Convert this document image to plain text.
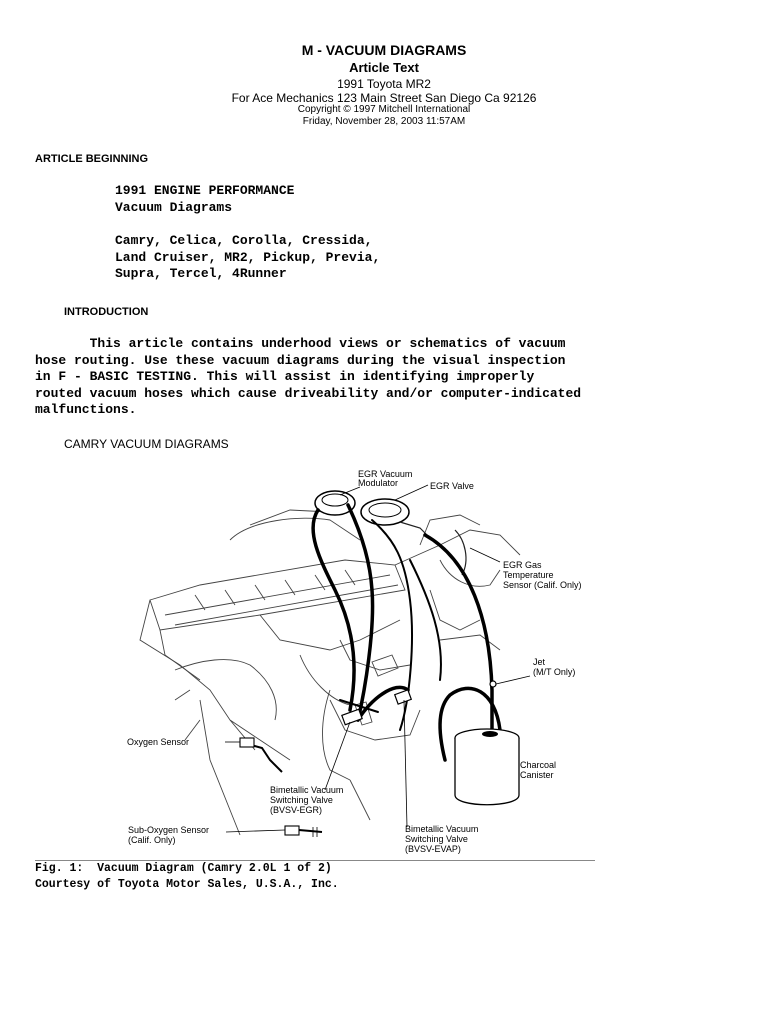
M - VACUUM DIAGRAMS
Article Text
1991 Toyota MR2
For Ace Mechanics 123 Main Street San Diego Ca 92126
Copyright © 1997 Mitchell International
Friday, November 28, 2003 11:57AM
ARTICLE BEGINNING
1991 ENGINE PERFORMANCE
Vacuum Diagrams
Camry, Celica, Corolla, Cressida,
Land Cruiser, MR2, Pickup, Previa,
Supra, Tercel, 4Runner
INTRODUCTION
This article contains underhood views or schematics of vacuum
hose routing. Use these vacuum diagrams during the visual inspection
in F - BASIC TESTING. This will assist in identifying improperly
routed vacuum hoses which cause driveability and/or computer-indicated
malfunctions.
CAMRY VACUUM DIAGRAMS
EGR Vacuum
Modulator	EGR Valve
EGR Gas
Temperature
Sensor (Calif. Only)
Jet
(M/T Only)
Oxygen Sensor
Charcoal
Canister
Bimetallic Vacuum
Switching Valve
(BVSV-EGR)
Sub-Oxygen Sensor
(Calif. Only)
Bimetallic Vacuum
Switching Valve
(BVSV-EVAP)
Fig. 1:  Vacuum Diagram (Camry 2.0L 1 of 2)
Courtesy of Toyota Motor Sales, U.S.A., Inc.
